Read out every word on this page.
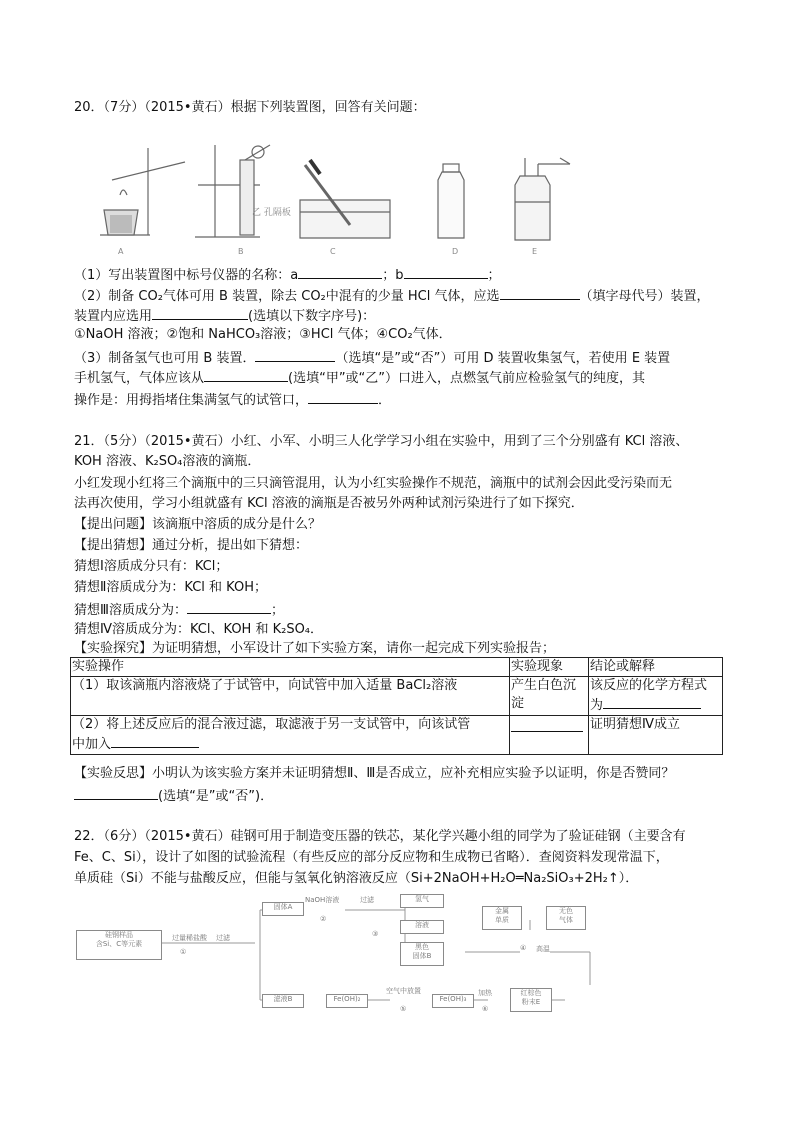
20．（7分）（2015•黄石）根据下列装置图，回答有关问题：
乙 孔隔板
A	B	C	D	E
（1）写出装置图中标号仪器的名称：a	；b	；
（2）制备 CO₂气体可用 B 装置，除去 CO₂中混有的少量 HCl 气体，应选	（填字母代号）装置，
装置内应选用	(选填以下数字序号)：
①NaOH 溶液；②饱和 NaHCO₃溶液；③HCl 气体；④CO₂气体．
（3）制备氢气也可用 B 装置．	（选填“是”或“否”）可用 D 装置收集氢气，若使用 E 装置
手机氢气，气体应该从	(选填“甲”或“乙”）口进入，点燃氢气前应检验氢气的纯度，其
操作是：用拇指堵住集满氢气的试管口，	．
21．（5分）（2015•黄石）小红、小军、小明三人化学学习小组在实验中，用到了三个分别盛有 KCl 溶液、
KOH 溶液、K₂SO₄溶液的滴瓶．
小红发现小红将三个滴瓶中的三只滴管混用，认为小红实验操作不规范，滴瓶中的试剂会因此受污染而无
法再次使用，学习小组就盛有 KCl 溶液的滴瓶是否被另外两种试剂污染进行了如下探究．
【提出问题】该滴瓶中溶质的成分是什么？
【提出猜想】通过分析，提出如下猜想：
猜想Ⅰ溶质成分只有：KCl；
猜想Ⅱ溶质成分为：KCl 和 KOH；
猜想Ⅲ溶质成分为：	；
猜想Ⅳ溶质成分为：KCl、KOH 和 K₂SO₄．
【实验探究】为证明猜想，小军设计了如下实验方案，请你一起完成下列实验报告；
实验操作	实验现象	结论或解释
（1）取该滴瓶内溶液烧了于试管中，向试管中加入适量 BaCl₂溶液	产生白色沉淀	该反应的化学方程式
为

（2）将上述反应后的混合液过滤，取滤液于另一支试管中，向该试管
中加入		证明猜想Ⅳ成立
【实验反思】小明认为该实验方案并未证明猜想Ⅱ、Ⅲ是否成立，应补充相应实验予以证明，你是否赞同？
(选填“是”或“否”)．
22．（6分）（2015•黄石）硅钢可用于制造变压器的铁芯，某化学兴趣小组的同学为了验证硅钢（主要含有
Fe、C、Si），设计了如图的试验流程（有些反应的部分反应物和生成物已省略）．查阅资料发现常温下，
单质硅（Si）不能与盐酸反应，但能与氢氧化钠溶液反应（Si+2NaOH+H₂O═Na₂SiO₃+2H₂↑）．
硅钢样品
含Si、C等元素
过量稀盐酸 过滤
①
固体A
NaOH溶液	过滤
②
氢气
溶液
黑色
固体B
③
金属
单质
无色
气体
高温
④
滤液B	Fe(OH)₂
空气中放置
⑤
Fe(OH)₃
加热
⑥
红棕色
粉末E
